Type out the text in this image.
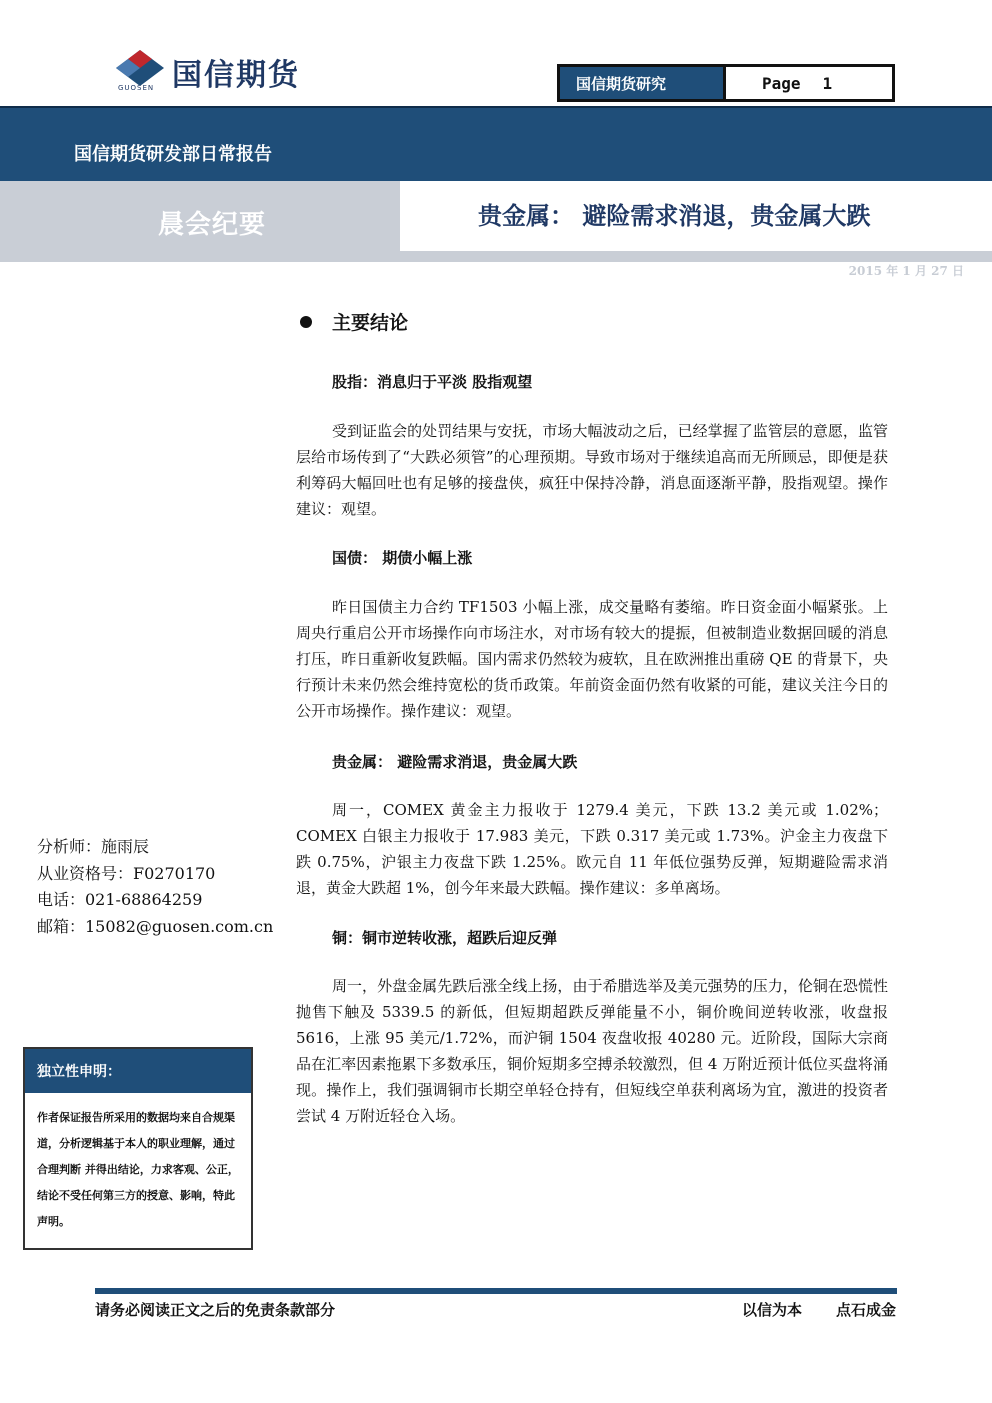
国信期货
GUOSEN	国信期货研究	Page 1
国信期货研发部日常报告
晨会纪要	贵金属： 避险需求消退，贵金属大跌
2015 年 1 月 27 日
主要结论
股指：消息归于平淡 股指观望
受到证监会的处罚结果与安抚，市场大幅波动之后，已经掌握了监管层的意愿，监管层给市场传到了“大跌必须管”的心理预期。导致市场对于继续追高而无所顾忌，即便是获利筹码大幅回吐也有足够的接盘侠，疯狂中保持冷静，消息面逐渐平静，股指观望。操作建议：观望。
国债： 期债小幅上涨
昨日国债主力合约 TF1503 小幅上涨，成交量略有萎缩。昨日资金面小幅紧张。上周央行重启公开市场操作向市场注水，对市场有较大的提振，但被制造业数据回暖的消息打压，昨日重新收复跌幅。国内需求仍然较为疲软，且在欧洲推出重磅 QE 的背景下，央行预计未来仍然会维持宽松的货币政策。年前资金面仍然有收紧的可能，建议关注今日的公开市场操作。操作建议：观望。
贵金属： 避险需求消退，贵金属大跌
周一，COMEX 黄金主力报收于 1279.4 美元，下跌 13.2 美元或 1.02%；COMEX 白银主力报收于 17.983 美元，下跌 0.317 美元或 1.73%。沪金主力夜盘下跌 0.75%，沪银主力夜盘下跌 1.25%。欧元自 11 年低位强势反弹，短期避险需求消退，黄金大跌超 1%，创今年来最大跌幅。操作建议：多单离场。
铜：铜市逆转收涨，超跌后迎反弹
周一，外盘金属先跌后涨全线上扬，由于希腊选举及美元强势的压力，伦铜在恐慌性抛售下触及 5339.5 的新低，但短期超跌反弹能量不小，铜价晚间逆转收涨，收盘报 5616，上涨 95 美元/1.72%，而沪铜 1504 夜盘收报 40280 元。近阶段，国际大宗商品在汇率因素拖累下多数承压，铜价短期多空搏杀较激烈，但 4 万附近预计低位买盘将涌现。操作上，我们强调铜市长期空单轻仓持有，但短线空单获利离场为宜，激进的投资者尝试 4 万附近轻仓入场。
分析师：施雨辰
从业资格号：F0270170
电话：021-68864259
邮箱：15082@guosen.com.cn
独立性申明：
作者保证报告所采用的数据均来自合规渠道，分析逻辑基于本人的职业理解，通过合理判断 并得出结论，力求客观、公正，结论不受任何第三方的授意、影响，特此声明。
请务必阅读正文之后的免责条款部分	以信为本 点石成金
